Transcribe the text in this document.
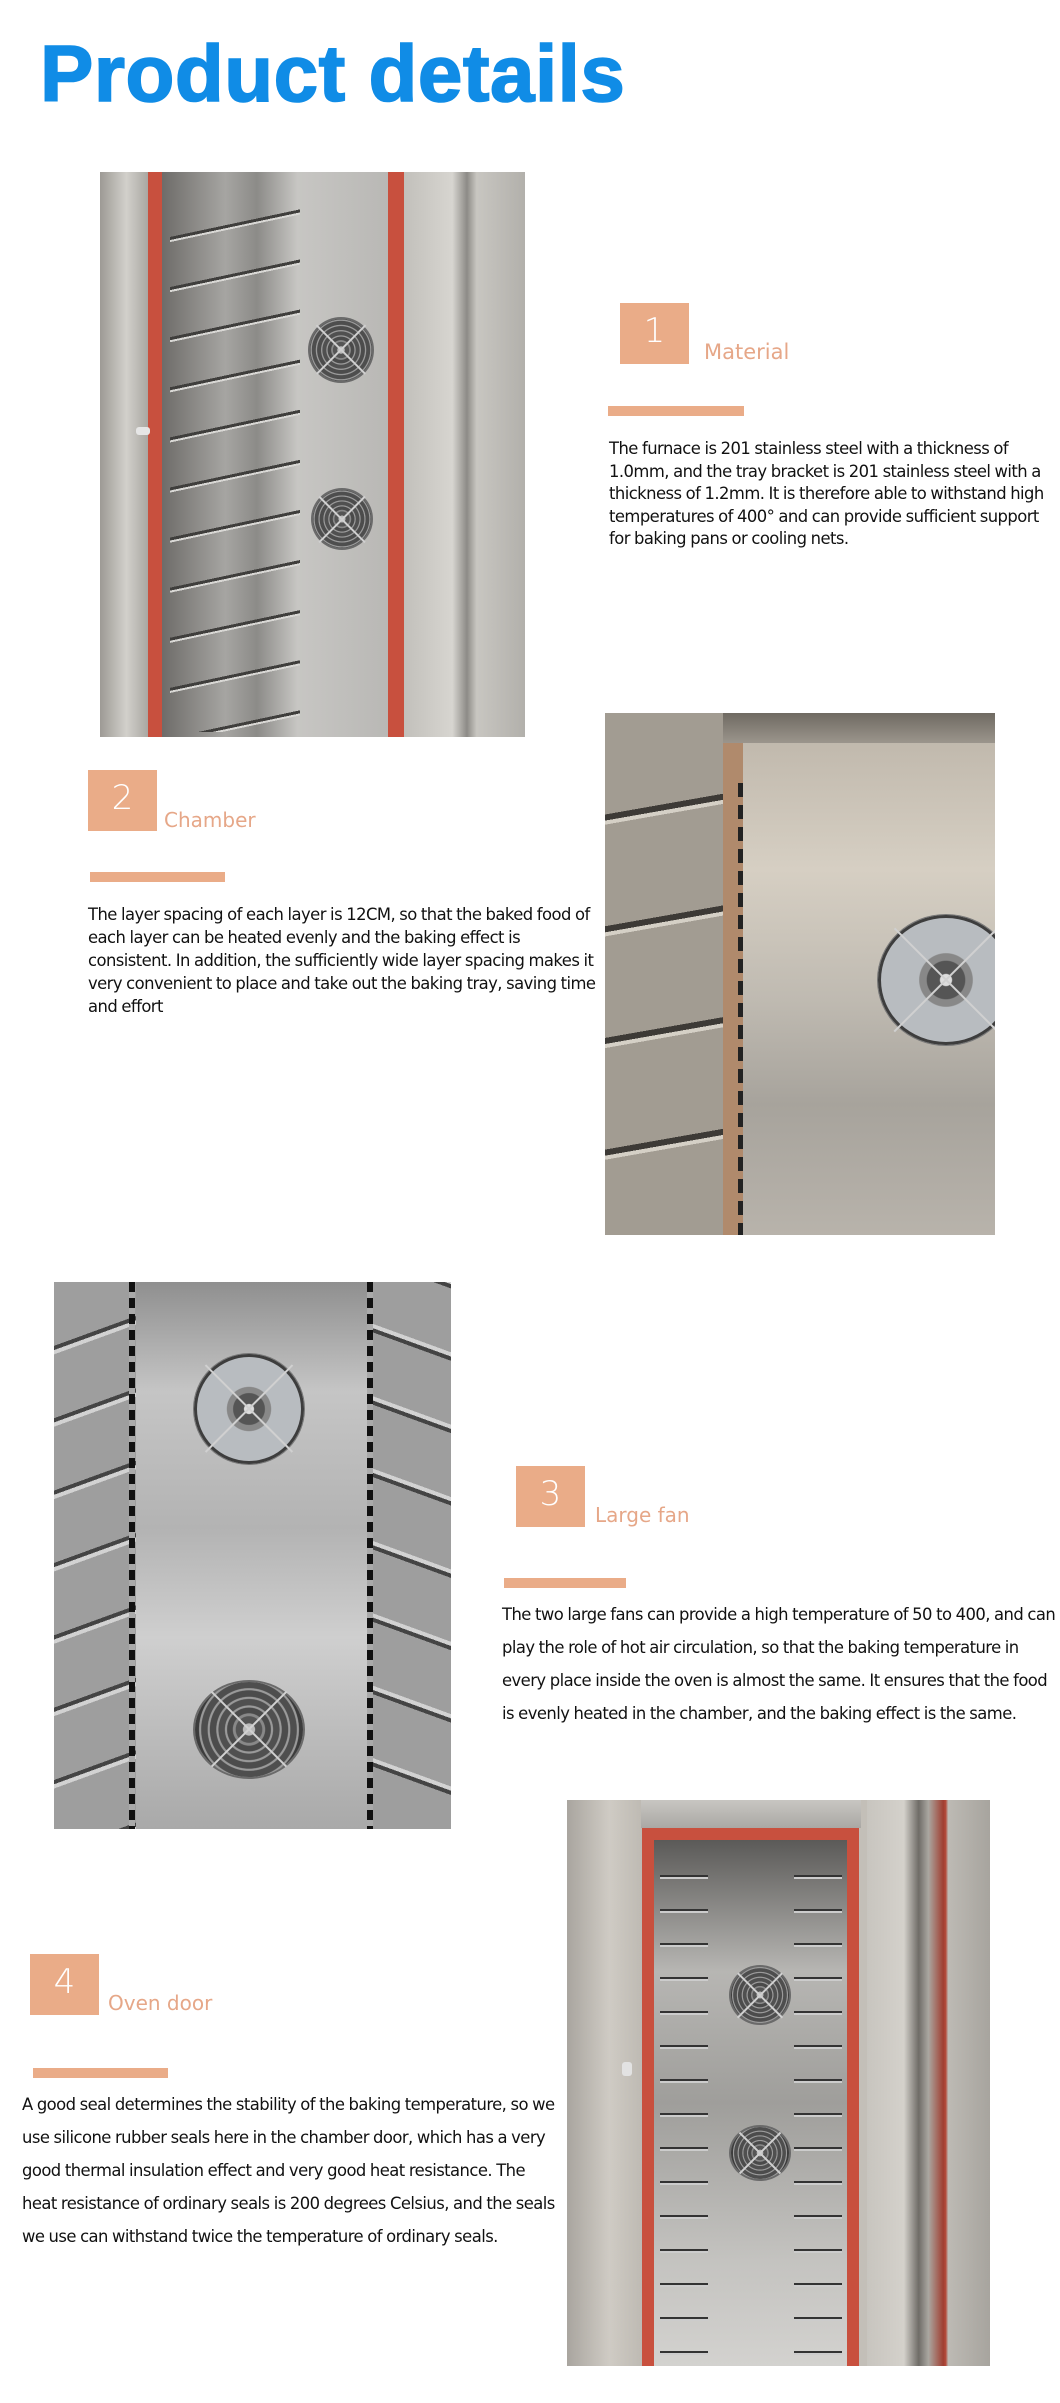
Product details
1
Material

The furnace is 201 stainless steel with a thickness of 1.0mm, and the tray bracket is 201 stainless steel with a thickness of 1.2mm. It is therefore able to withstand high temperatures of 400° and can provide sufficient support for baking pans or cooling nets.

2
Chamber

The layer spacing of each layer is 12CM, so that the baked food of each layer can be heated evenly and the baking effect is consistent. In addition, the sufficiently wide layer spacing makes it very convenient to place and take out the baking tray, saving time and effort

3
Large fan

The two large fans can provide a high temperature of 50 to 400, and can play the role of hot air circulation, so that the baking temperature in every place inside the oven is almost the same. It ensures that the food is evenly heated in the chamber, and the baking effect is the same.

4
Oven door

A good seal determines the stability of the baking temperature, so we use silicone rubber seals here in the chamber door, which has a very good thermal insulation effect and very good heat resistance. The heat resistance of ordinary seals is 200 degrees Celsius, and the seals we use can withstand twice the temperature of ordinary seals.
